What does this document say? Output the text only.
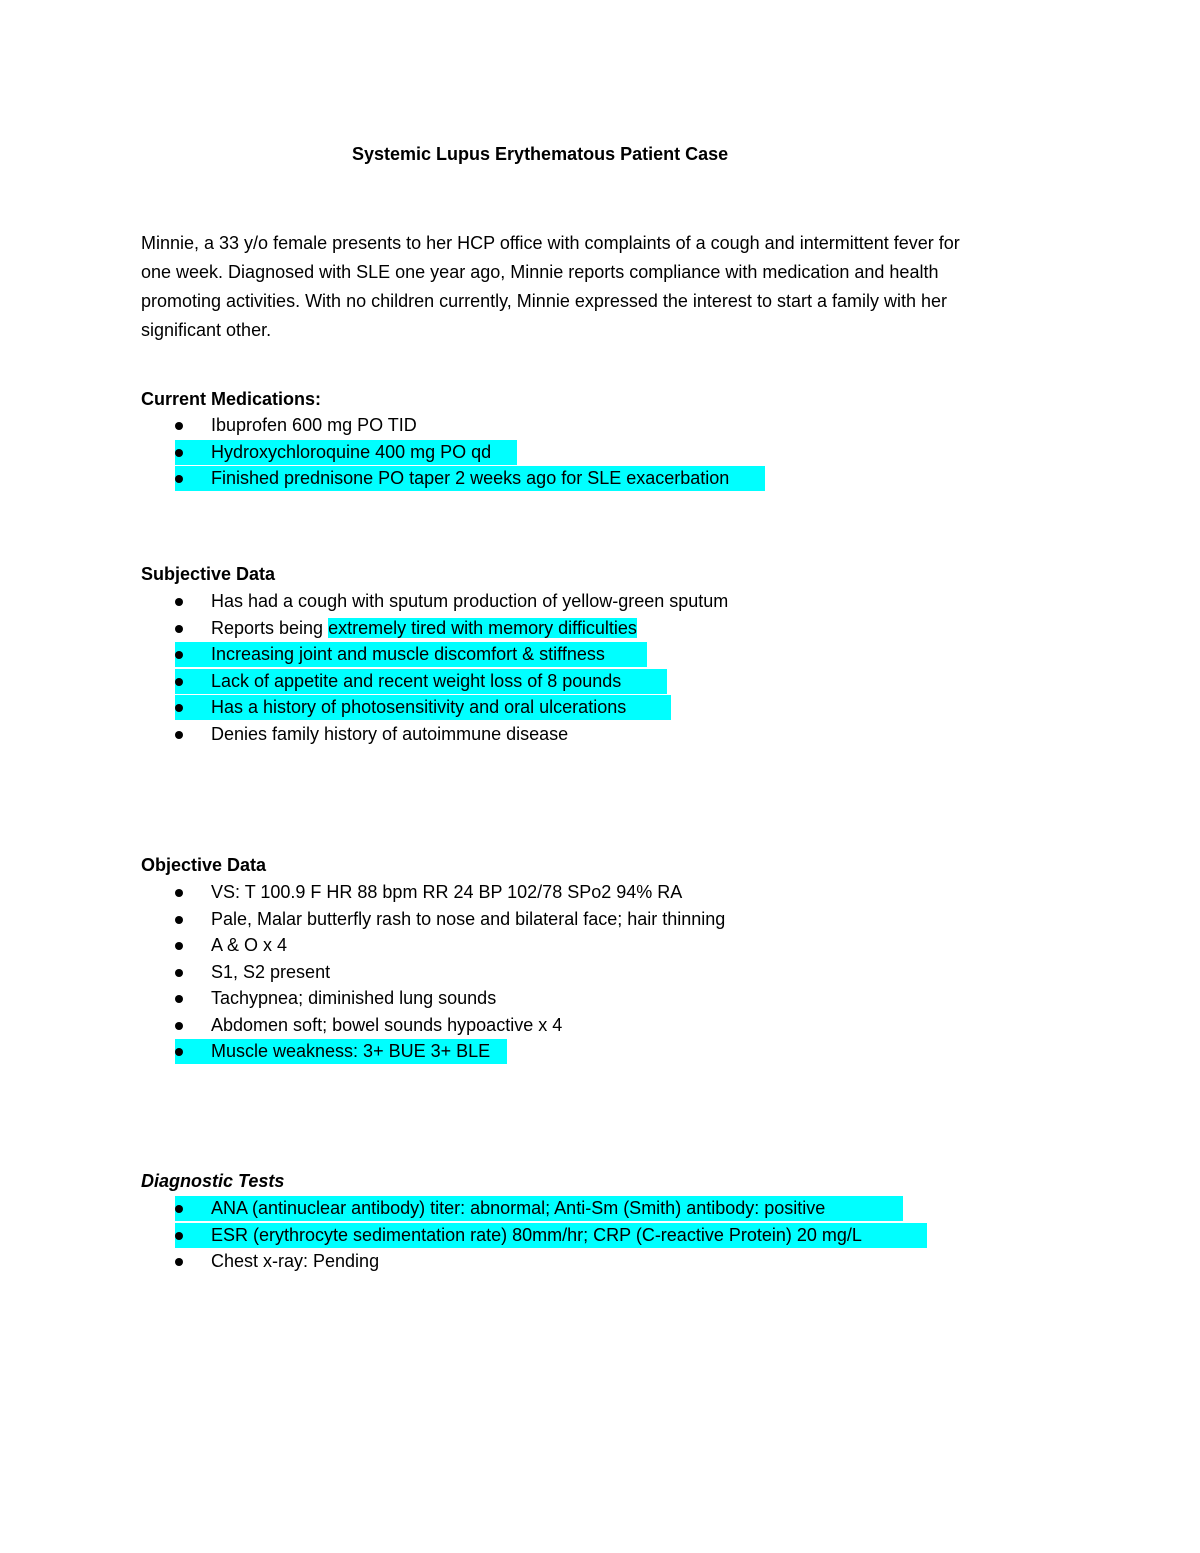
Systemic Lupus Erythematous Patient Case

Minnie, a 33 y/o female presents to her HCP office with complaints of a cough and intermittent fever for

one week. Diagnosed with SLE one year ago, Minnie reports compliance with medication and health

promoting activities. With no children currently, Minnie expressed the interest to start a family with her

significant other.

Current Medications:
Ibuprofen 600 mg PO TID
Hydroxychloroquine 400 mg PO qd
Finished prednisone PO taper 2 weeks ago for SLE exacerbation
Subjective Data
Has had a cough with sputum production of yellow-green sputum
Reports being extremely tired with memory difficulties
Increasing joint and muscle discomfort & stiffness
Lack of appetite and recent weight loss of 8 pounds
Has a history of photosensitivity and oral ulcerations
Denies family history of autoimmune disease
Objective Data
VS: T 100.9 F HR 88 bpm RR 24 BP 102/78 SPo2 94% RA
Pale, Malar butterfly rash to nose and bilateral face; hair thinning
A & O x 4
S1, S2 present
Tachypnea; diminished lung sounds
Abdomen soft; bowel sounds hypoactive x 4
Muscle weakness: 3+ BUE 3+ BLE
Diagnostic Tests
ANA (antinuclear antibody) titer: abnormal; Anti-Sm (Smith) antibody: positive
ESR (erythrocyte sedimentation rate) 80mm/hr; CRP (C-reactive Protein) 20 mg/L
Chest x-ray: Pending
